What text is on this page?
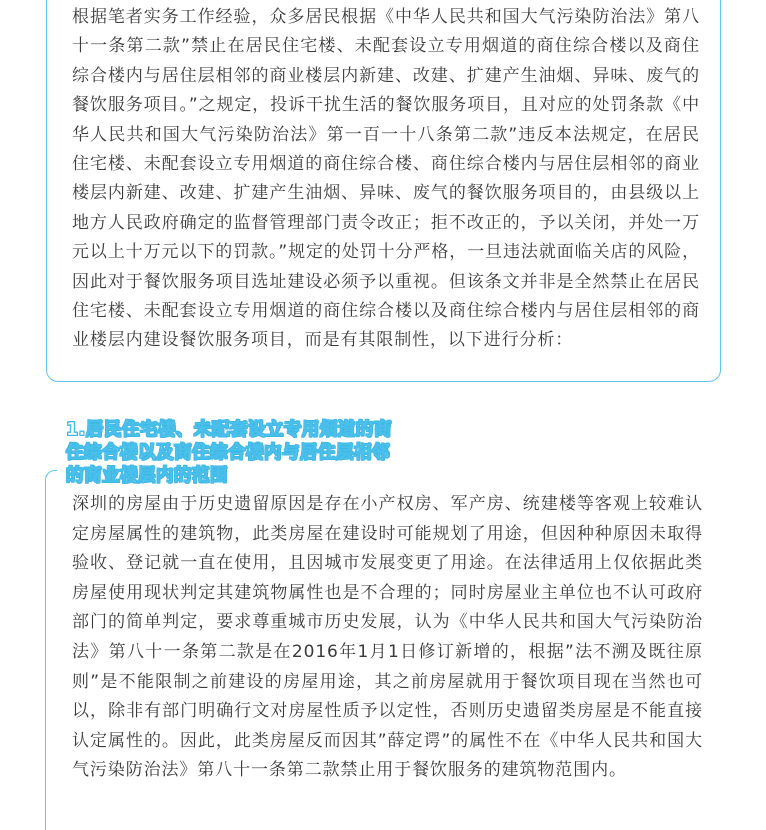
根据笔者实务工作经验，众多居民根据《中华人民共和国大气污染防治法》第八十一条第二款”禁止在居民住宅楼、未配套设立专用烟道的商住综合楼以及商住综合楼内与居住层相邻的商业楼层内新建、改建、扩建产生油烟、异味、废气的餐饮服务项目。”之规定，投诉干扰生活的餐饮服务项目，且对应的处罚条款《中华人民共和国大气污染防治法》第一百一十八条第二款”违反本法规定，在居民住宅楼、未配套设立专用烟道的商住综合楼、商住综合楼内与居住层相邻的商业楼层内新建、改建、扩建产生油烟、异味、废气的餐饮服务项目的，由县级以上地方人民政府确定的监督管理部门责令改正；拒不改正的，予以关闭，并处一万元以上十万元以下的罚款。”规定的处罚十分严格，一旦违法就面临关店的风险，因此对于餐饮服务项目选址建设必须予以重视。但该条文并非是全然禁止在居民住宅楼、未配套设立专用烟道的商住综合楼以及商住综合楼内与居住层相邻的商业楼层内建设餐饮服务项目，而是有其限制性，以下进行分析：

1.居民住宅楼、未配套设立专用烟道的商住综合楼以及商住综合楼内与居住层相邻的商业楼层内的范围

深圳的房屋由于历史遗留原因是存在小产权房、军产房、统建楼等客观上较难认定房屋属性的建筑物，此类房屋在建设时可能规划了用途，但因种种原因未取得验收、登记就一直在使用，且因城市发展变更了用途。在法律适用上仅依据此类房屋使用现状判定其建筑物属性也是不合理的；同时房屋业主单位也不认可政府部门的简单判定，要求尊重城市历史发展，认为《中华人民共和国大气污染防治法》第八十一条第二款是在2016年1月1日修订新增的，根据”法不溯及既往原则”是不能限制之前建设的房屋用途，其之前房屋就用于餐饮项目现在当然也可以，除非有部门明确行文对房屋性质予以定性，否则历史遗留类房屋是不能直接认定属性的。因此，此类房屋反而因其”薛定谔”的属性不在《中华人民共和国大气污染防治法》第八十一条第二款禁止用于餐饮服务的建筑物范围内。
